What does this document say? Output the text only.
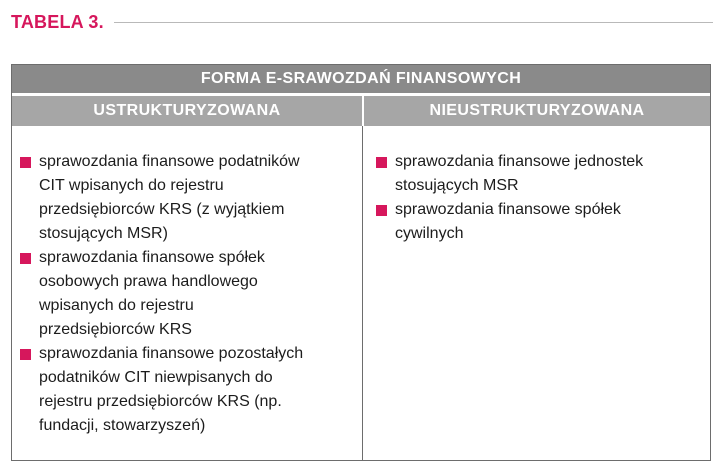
TABELA 3.
FORMA E-SRAWOZDAŃ FINANSOWYCH
USTRUKTURYZOWANA	NIEUSTRUKTURYZOWANA
sprawozdania finansowe podatników
CIT wpisanych do rejestru
przedsiębiorców KRS (z wyjątkiem
stosujących MSR)
sprawozdania finansowe spółek
osobowych prawa handlowego
wpisanych do rejestru
przedsiębiorców KRS
sprawozdania finansowe pozostałych
podatników CIT niewpisanych do
rejestru przedsiębiorców KRS (np.
fundacji, stowarzyszeń)
sprawozdania finansowe jednostek
stosujących MSR
sprawozdania finansowe spółek
cywilnych
